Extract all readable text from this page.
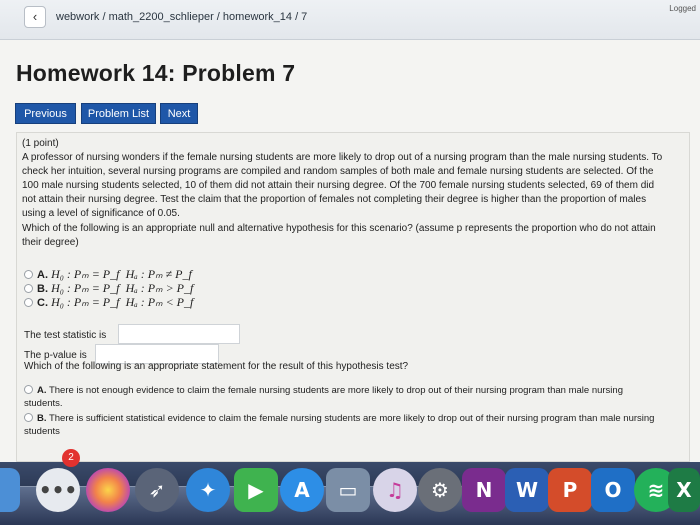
‹	webwork / math_2200_schlieper / homework_14 / 7
Logged
Homework 14: Problem 7
Previous	Problem List	Next
(1 point)
A professor of nursing wonders if the female nursing students are more likely to drop out of a nursing program than the male nursing students. To check her intuition, several nursing programs are compiled and random samples of both male and female nursing students are selected. Of the 100 male nursing students selected, 10 of them did not attain their nursing degree. Of the 700 female nursing students selected, 69 of them did not attain their nursing degree. Test the claim that the proportion of females not completing their degree is higher than the proportion of males using a level of significance of 0.05.
Which of the following is an appropriate null and alternative hypothesis for this scenario? (assume p represents the proportion who do not attain their degree)
A. H₀ : Pₘ = P_f Hₐ : Pₘ ≠ P_f
B. H₀ : Pₘ = P_f Hₐ : Pₘ > P_f
C. H₀ : Pₘ = P_f Hₐ : Pₘ < P_f
The test statistic is
The p-value is
Which of the following is an appropriate statement for the result of this hypothesis test?
A. There is not enough evidence to claim the female nursing students are more likely to drop out of their nursing program than male nursing students.
B. There is sufficient statistical evidence to claim the female nursing students are more likely to drop out of their nursing program than male nursing students
•••
2
➶	✦	▶	A	▭	♫	⚙	N	W	P	O	≋ X
